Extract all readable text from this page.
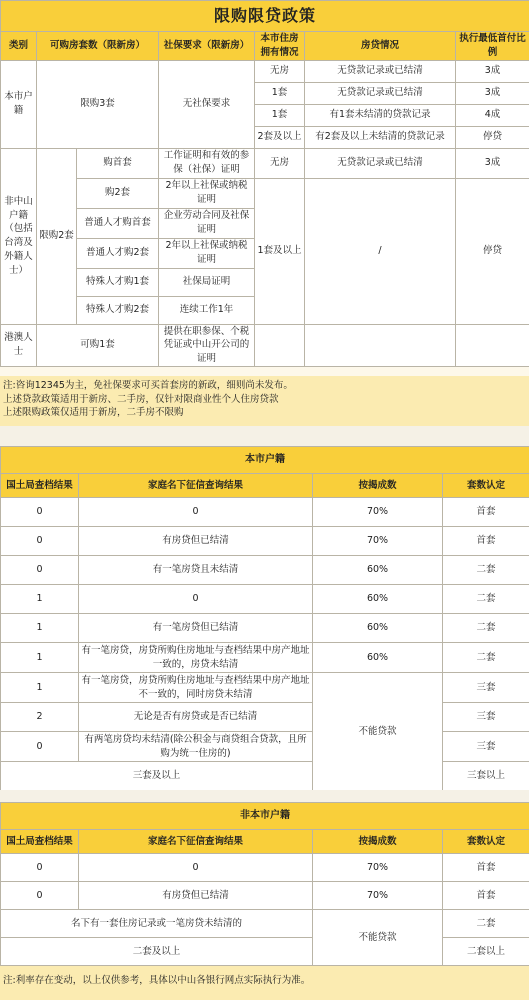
限购限贷政策						
类别	可购房套数（限新房）		社保要求（限新房）	本市住房拥有情况	房贷情况	执行最低首付比例
本市户籍	限购3套		无社保要求	无房	无贷款记录或已结清	3成
				1套	无贷款记录或已结清	3成
				1套	有1套未结清的贷款记录	4成
				2套及以上	有2套及以上未结清的贷款记录	停贷
非中山户籍（包括台湾及外籍人士）	限购2套	购首套	工作证明和有效的参保（社保）证明	无房	无贷款记录或已结清	3成
		购2套	2年以上社保或纳税证明	1套及以上	/	停贷
		普通人才购首套	企业劳动合同及社保证明			
		普通人才购2套	2年以上社保或纳税证明			
		特殊人才购1套	社保局证明			
		特殊人才购2套	连续工作1年			
港澳人士	可购1套		提供在职参保、个税凭证或中山开公司的证明			
注:咨询12345为主，免社保要求可买首套房的新政，细则尚未发布。
上述贷款政策适用于新房、二手房，仅针对限商业性个人住房贷款
上述限购政策仅适用于新房，二手房不限购
本市户籍			
国土局查档结果	家庭名下征信查询结果	按揭成数	套数认定
0	0	70%	首套
0	有房贷但已结清	70%	首套
0	有一笔房贷且未结清	60%	二套
1	0	60%	二套
1	有一笔房贷但已结清	60%	二套
1	有一笔房贷，房贷所购住房地址与查档结果中房产地址一致的，房贷未结清	60%	二套
1	有一笔房贷，房贷所购住房地址与查档结果中房产地址不一致的，同时房贷未结清	不能贷款	三套
2	无论是否有房贷或是否已结清		三套
0	有两笔房贷均未结清(除公积金与商贷组合贷款，且所购为统一住房的)		三套
三套及以上			三套以上
非本市户籍			
国土局查档结果	家庭名下征信查询结果	按揭成数	套数认定
0	0	70%	首套
0	有房贷但已结清	70%	首套
名下有一套住房记录或一笔房贷未结清的		不能贷款	二套
二套及以上			二套以上
注:利率存在变动，以上仅供参考，具体以中山各银行网点实际执行为准。
